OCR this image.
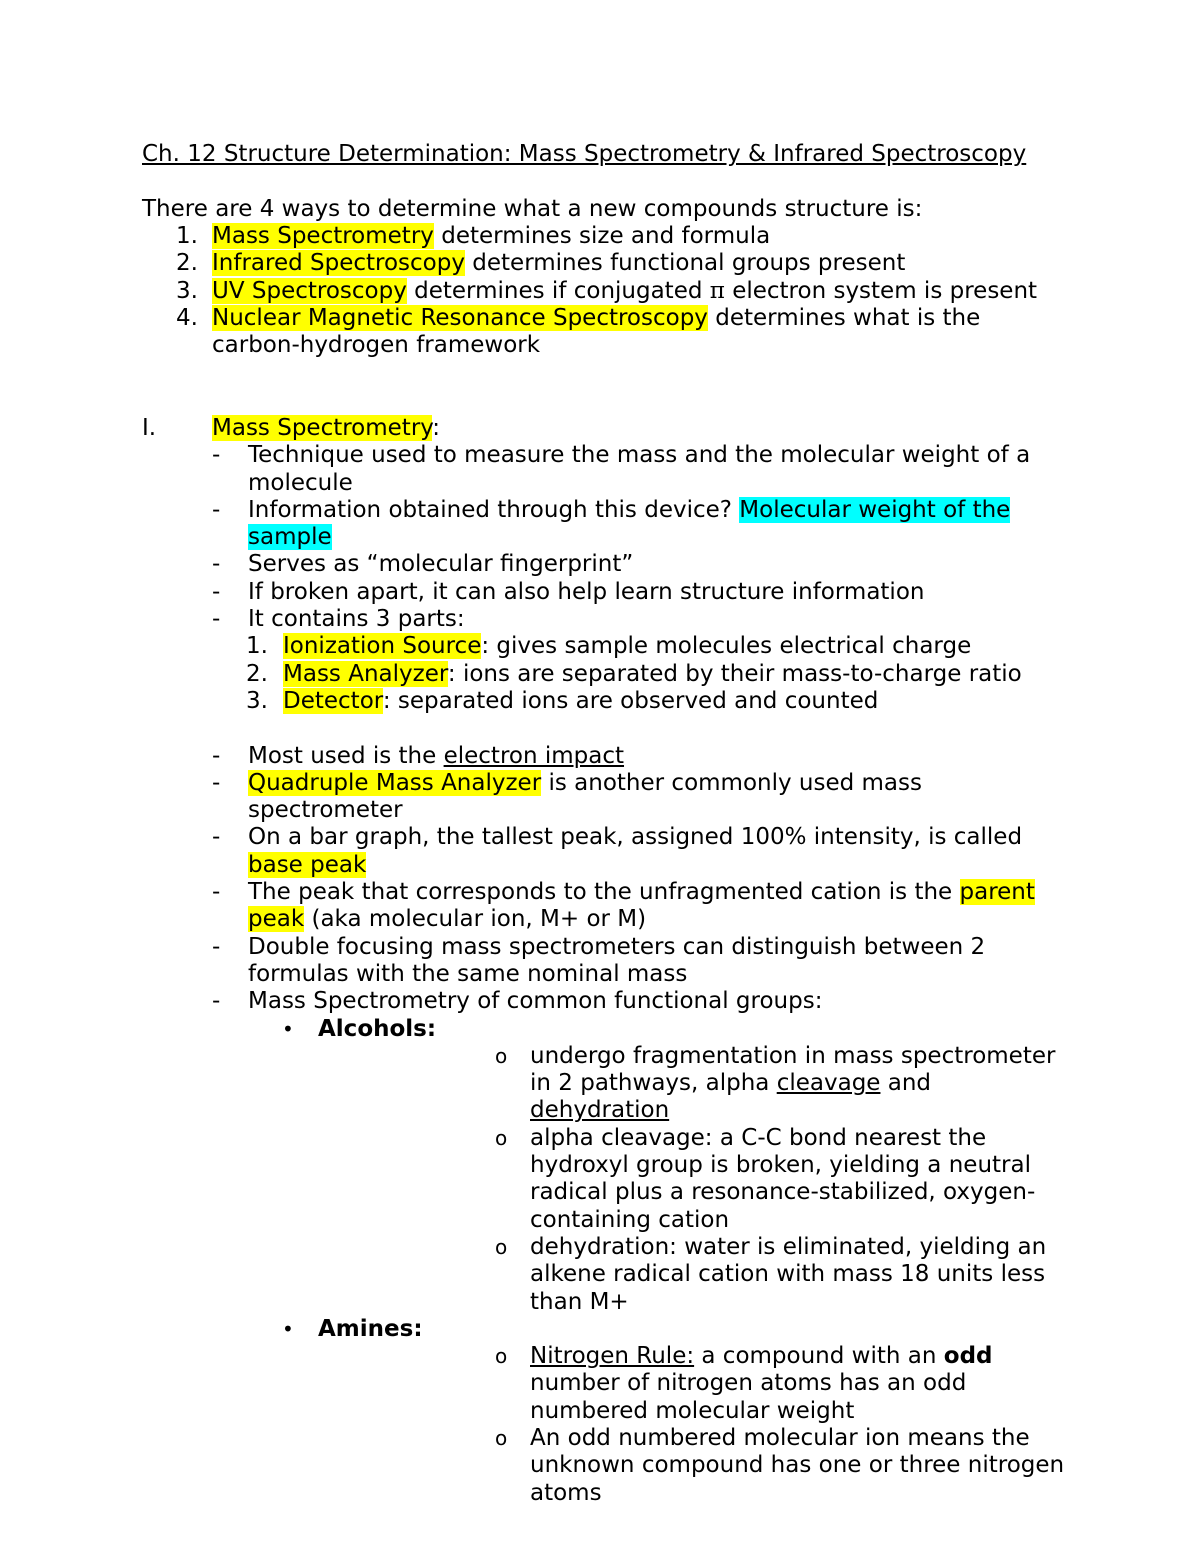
Ch. 12 Structure Determination: Mass Spectrometry & Infrared Spectroscopy
There are 4 ways to determine what a new compounds structure is:
1. Mass Spectrometry determines size and formula
2. Infrared Spectroscopy determines functional groups present
3. UV Spectroscopy determines if conjugated π electron system is present
4. Nuclear Magnetic Resonance Spectroscopy determines what is the carbon-hydrogen framework
I. Mass Spectrometry:
- Technique used to measure the mass and the molecular weight of a molecule
- Information obtained through this device? Molecular weight of the sample
- Serves as “molecular fingerprint”
- If broken apart, it can also help learn structure information
- It contains 3 parts:
1. Ionization Source: gives sample molecules electrical charge
2. Mass Analyzer: ions are separated by their mass-to-charge ratio
3. Detector: separated ions are observed and counted
- Most used is the electron impact
- Quadruple Mass Analyzer is another commonly used mass spectrometer
- On a bar graph, the tallest peak, assigned 100% intensity, is called base peak
- The peak that corresponds to the unfragmented cation is the parent peak (aka molecular ion, M+ or M)
- Double focusing mass spectrometers can distinguish between 2 formulas with the same nominal mass
- Mass Spectrometry of common functional groups:
• Alcohols:
o undergo fragmentation in mass spectrometer in 2 pathways, alpha cleavage and dehydration
o alpha cleavage: a C-C bond nearest the hydroxyl group is broken, yielding a neutral radical plus a resonance-stabilized, oxygen-containing cation
o dehydration: water is eliminated, yielding an alkene radical cation with mass 18 units less than M+
• Amines:
o Nitrogen Rule: a compound with an odd number of nitrogen atoms has an odd numbered molecular weight
o An odd numbered molecular ion means the unknown compound has one or three nitrogen atoms
